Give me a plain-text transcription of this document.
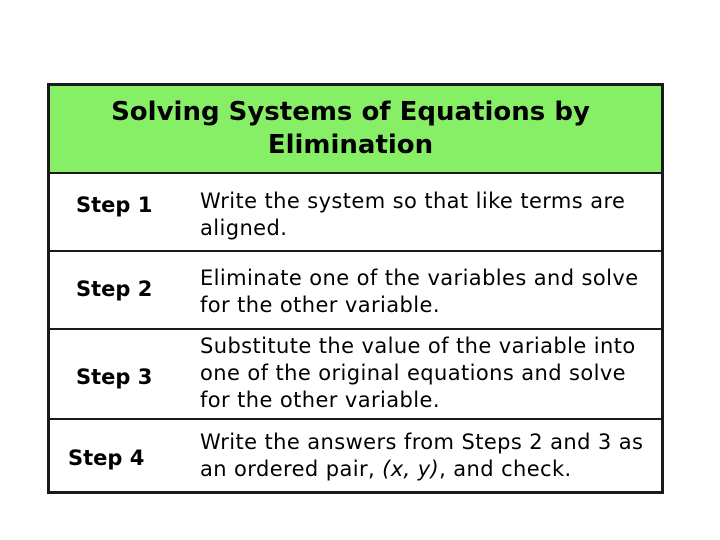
Solving Systems of Equations by Elimination
Step 1 Write the system so that like terms are aligned.
Step 2 Eliminate one of the variables and solve for the other variable.
Step 3
Substitute the value of the variable into one of the original equations and solve for the other variable.
Step 4
Write the answers from Steps 2 and 3 as an ordered pair, (x, y), and check.
